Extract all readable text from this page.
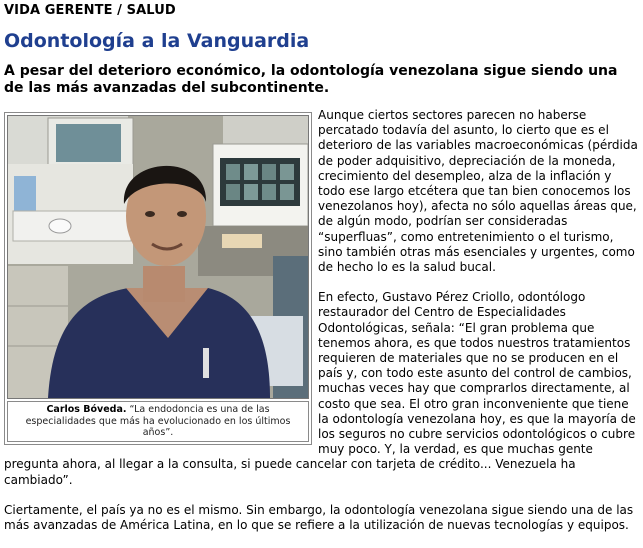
VIDA GERENTE / SALUD
Odontología a la Vanguardia

A pesar del deterioro económico, la odontología venezolana sigue siendo una de las más avanzadas del subcontinente.

Carlos Bóveda. “La endodoncia es una de las especialidades que más ha evolucionado en los últimos años”.

Aunque ciertos sectores parecen no haberse percatado todavía del asunto, lo cierto que es el deterioro de las variables macroeconómicas (pérdida de poder adquisitivo, depreciación de la moneda, crecimiento del desempleo, alza de la inflación y todo ese largo etcétera que tan bien conocemos los venezolanos hoy), afecta no sólo aquellas áreas que, de algún modo, podrían ser consideradas “superfluas”, como entretenimiento o el turismo, sino también otras más esenciales y urgentes, como de hecho lo es la salud bucal.

En efecto, Gustavo Pérez Criollo, odontólogo restaurador del Centro de Especialidades Odontológicas, señala: “El gran problema que tenemos ahora, es que todos nuestros tratamientos requieren de materiales que no se producen en el país y, con todo este asunto del control de cambios, muchas veces hay que comprarlos directamente, al costo que sea. El otro gran inconveniente que tiene la odontología venezolana hoy, es que la mayoría de los seguros no cubre servicios odontológicos o cubre muy poco. Y, la verdad, es que muchas gente pregunta ahora, al llegar a la consulta, si puede cancelar con tarjeta de crédito... Venezuela ha cambiado”.

Ciertamente, el país ya no es el mismo. Sin embargo, la odontología venezolana sigue siendo una de las más avanzadas de América Latina, en lo que se refiere a la utilización de nuevas tecnologías y equipos.
